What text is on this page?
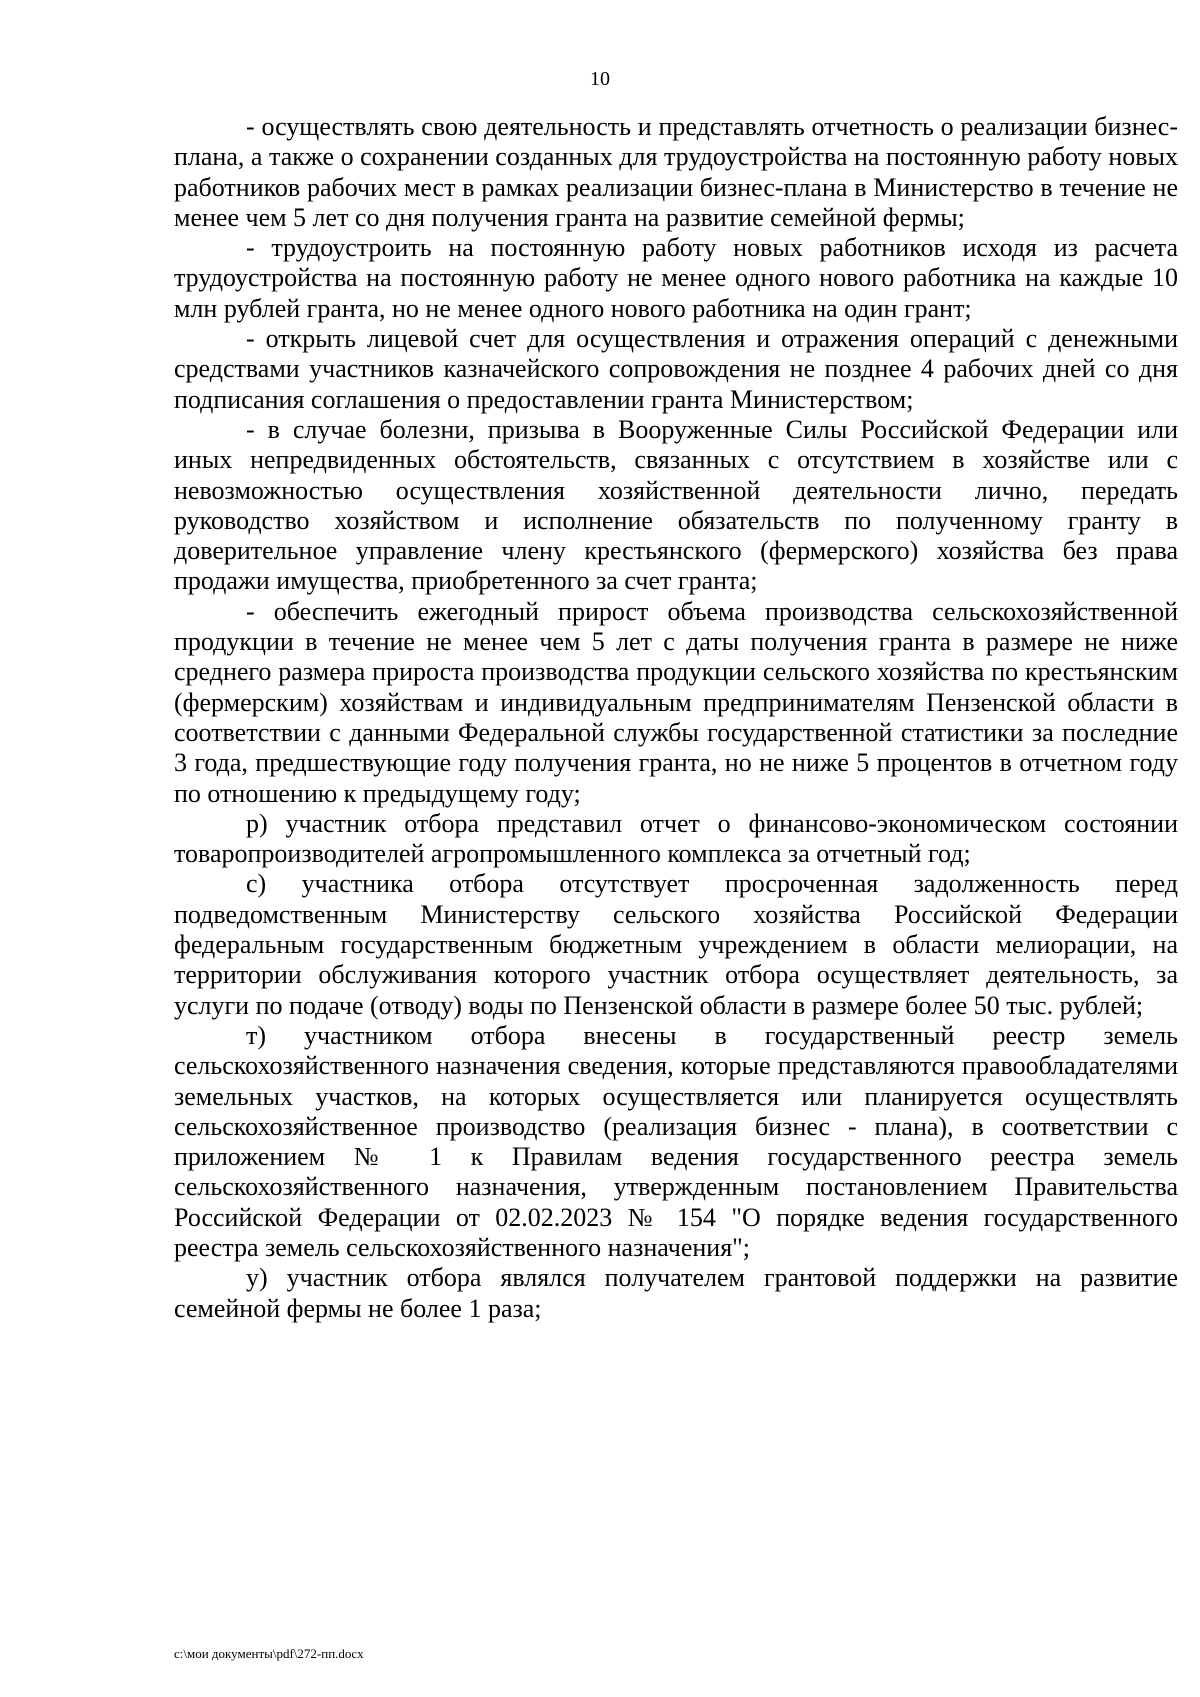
10

- осуществлять свою деятельность и представлять отчетность о реализации бизнес-плана, а также о сохранении созданных для трудоустройства на постоянную работу новых работников рабочих мест в рамках реализации бизнес-плана в Министерство в течение не менее чем 5 лет со дня получения гранта на развитие семейной фермы;

- трудоустроить на постоянную работу новых работников исходя из расчета трудоустройства на постоянную работу не менее одного нового работника на каждые 10 млн рублей гранта, но не менее одного нового работника на один грант;

- открыть лицевой счет для осуществления и отражения операций с денежными средствами участников казначейского сопровождения не позднее 4 рабочих дней со дня подписания соглашения о предоставлении гранта Министерством;

- в случае болезни, призыва в Вооруженные Силы Российской Федерации или иных непредвиденных обстоятельств, связанных с отсутствием в хозяйстве или с невозможностью осуществления хозяйственной деятельности лично, передать руководство хозяйством и исполнение обязательств по полученному гранту в доверительное управление члену крестьянского (фермерского) хозяйства без права продажи имущества, приобретенного за счет гранта;

- обеспечить ежегодный прирост объема производства сельскохозяйственной продукции в течение не менее чем 5 лет с даты получения гранта в размере не ниже среднего размера прироста производства продукции сельского хозяйства по крестьянским (фермерским) хозяйствам и индивидуальным предпринимателям Пензенской области в соответствии с данными Федеральной службы государственной статистики за последние 3 года, предшествующие году получения гранта, но не ниже 5 процентов в отчетном году по отношению к предыдущему году;

р) участник отбора представил отчет о финансово-экономическом состоянии товаропроизводителей агропромышленного комплекса за отчетный год;

с) участника отбора отсутствует просроченная задолженность перед подведомственным Министерству сельского хозяйства Российской Федерации федеральным государственным бюджетным учреждением в области мелиорации, на территории обслуживания которого участник отбора осуществляет деятельность, за услуги по подаче (отводу) воды по Пензенской области в размере более 50 тыс. рублей;

т) участником отбора внесены в государственный реестр земель сельскохозяйственного назначения сведения, которые представляются правообладателями земельных участков, на которых осуществляется или планируется осуществлять сельскохозяйственное производство (реализация бизнес - плана), в соответствии с приложением № 1 к Правилам ведения государственного реестра земель сельскохозяйственного назначения, утвержденным постановлением Правительства Российской Федерации от 02.02.2023 № 154 "О порядке ведения государственного реестра земель сельскохозяйственного назначения";

у) участник отбора являлся получателем грантовой поддержки на развитие семейной фермы не более 1 раза;

c:\мои документы\pdf\272-пп.docx
